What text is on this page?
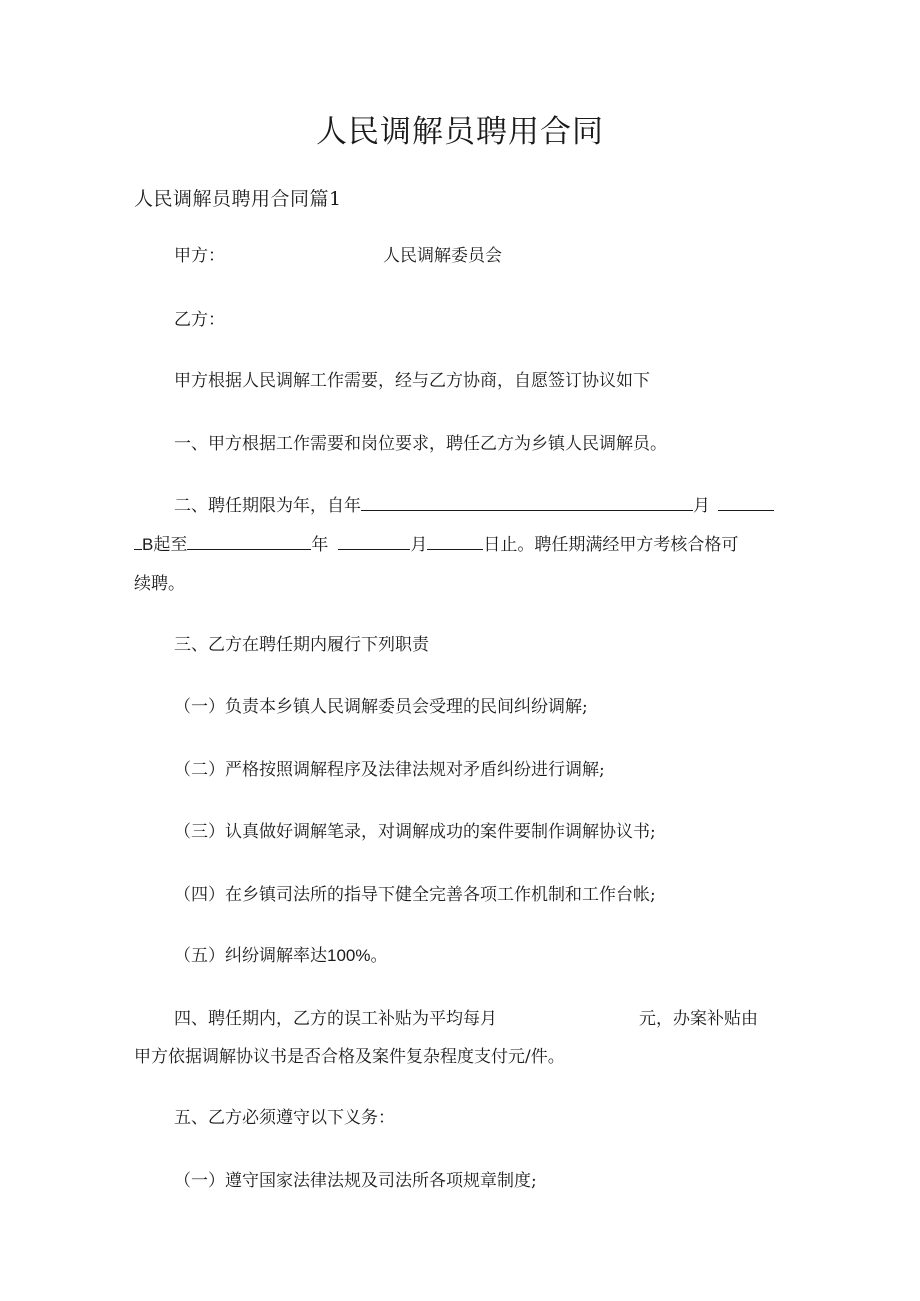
人民调解员聘用合同
人民调解员聘用合同篇1
甲方：	人民调解委员会
乙方：
甲方根据人民调解工作需要，经与乙方协商，自愿签订协议如下
一、甲方根据工作需要和岗位要求，聘任乙方为乡镇人民调解员。
二、聘任期限为年，自年	月
B起至	年	月	日止。聘任期满经甲方考核合格可
续聘。
三、乙方在聘任期内履行下列职责
（一）负责本乡镇人民调解委员会受理的民间纠纷调解;
（二）严格按照调解程序及法律法规对矛盾纠纷进行调解;
（三）认真做好调解笔录，对调解成功的案件要制作调解协议书;
（四）在乡镇司法所的指导下健全完善各项工作机制和工作台帐;
（五）纠纷调解率达100%。
四、聘任期内，乙方的误工补贴为平均每月	元，办案补贴由
甲方依据调解协议书是否合格及案件复杂程度支付元/件。
五、乙方必须遵守以下义务：
（一）遵守国家法律法规及司法所各项规章制度;
